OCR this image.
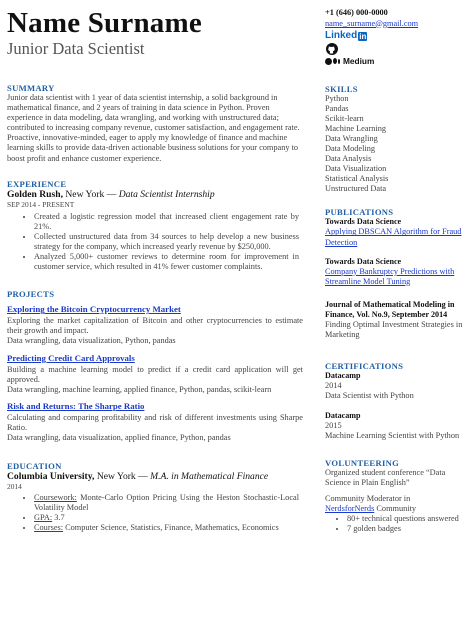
Name Surname
Junior Data Scientist
SUMMARY
Junior data scientist with 1 year of data scientist internship, a solid background in mathematical finance, and 2 years of training in data science in Python. Proven experience in data modeling, data wrangling, and working with unstructured data; contributed to increasing company revenue, customer satisfaction, and engagement rate. Proactive, innovative-minded, eager to apply my knowledge of finance and machine learning skills to provide data-driven actionable business solutions for your company to boost profit and enhance customer experience.
EXPERIENCE
Golden Rush, New York — Data Scientist Internship
SEP 2014 - PRESENT
• Created a logistic regression model that increased client engagement rate by 21%.
• Collected unstructured data from 34 sources to help develop a new business strategy for the company, which increased yearly revenue by $250,000.
• Analyzed 5,000+ customer reviews to determine room for improvement in customer service, which resulted in 41% fewer customer complaints.
PROJECTS
Exploring the Bitcoin Cryptocurrency Market
Exploring the market capitalization of Bitcoin and other cryptocurrencies to estimate their growth and impact.
Data wrangling, data visualization, Python, pandas
Predicting Credit Card Approvals
Building a machine learning model to predict if a credit card application will get approved.
Data wrangling, machine learning, applied finance, Python, pandas, scikit-learn
Risk and Returns: The Sharpe Ratio
Calculating and comparing profitability and risk of different investments using Sharpe Ratio.
Data wrangling, data visualization, applied finance, Python, pandas
EDUCATION
Columbia University, New York — M.A. in Mathematical Finance
2014
• Coursework: Monte-Carlo Option Pricing Using the Heston Stochastic-Local Volatility Model
• GPA: 3.7
• Courses: Computer Science, Statistics, Finance, Mathematics, Economics
+1 (646) 000-0000
name_surname@gmail.com
Linked in
Medium
SKILLS
Python
Pandas
Scikit-learn
Machine Learning
Data Wrangling
Data Modeling
Data Analysis
Data Visualization
Statistical Analysis
Unstructured Data
PUBLICATIONS
Towards Data Science
Applying DBSCAN Algorithm for Fraud Detection
Towards Data Science
Company Bankruptcy Predictions with Streamline Model Tuning
Journal of Mathematical Modeling in Finance, Vol. No.9, September 2014
Finding Optimal Investment Strategies in Marketing
CERTIFICATIONS
Datacamp
2014
Data Scientist with Python
Datacamp
2015
Machine Learning Scientist with Python
VOLUNTEERING
Organized student conference “Data Science in Plain English”
Community Moderator in
NerdsforNerds Community
• 80+ technical questions answered
• 7 golden badges
